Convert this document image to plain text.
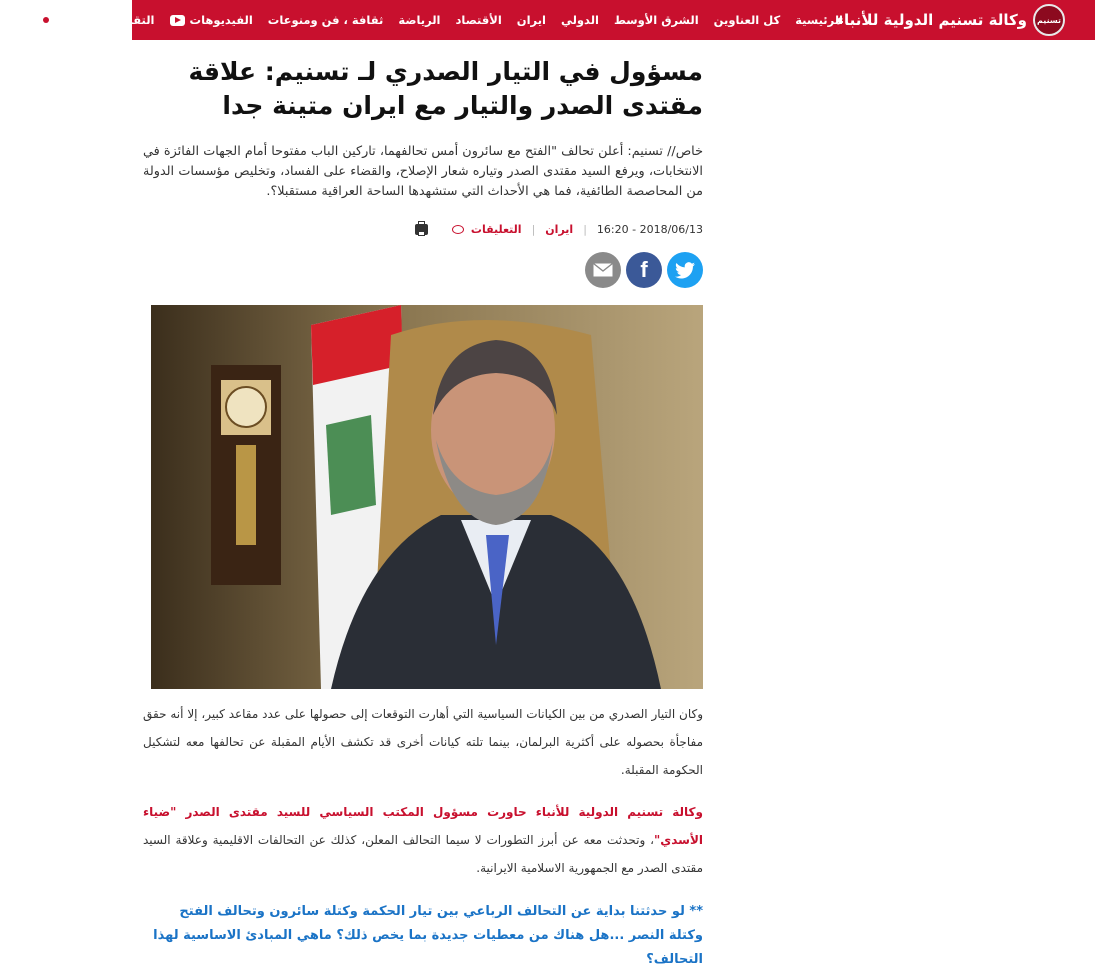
تسنيم
وكالة تسنيم الدولية للأنباء
الرئيسية
كل العناوين
الشرق الأوسط
الدولي
ايران
الأقتصاد
الرياضة
ثقافة ، فن ومنوعات
الفيديوهات
التقارير المصورة
الفر
مسؤول في التيار الصدري لـ تسنيم: علاقة مقتدى الصدر والتيار مع ايران متينة جدا

خاص// تسنيم: أعلن تحالف "الفتح مع سائرون أمس تحالفهما، تاركين الباب مفتوحا أمام الجهات الفائزة في الانتخابات، ويرفع السيد مقتدى الصدر وتياره شعار الإصلاح، والقضاء على الفساد، وتخليص مؤسسات الدولة من المحاصصة الطائفية، فما هي الأحداث التي ستشهدها الساحة العراقية مستقبلا؟.

2018/06/13 - 16:20
|
ايران
|
التعليقات
f

وكان التيار الصدري من بين الكيانات السياسية التي أهارت التوقعات إلى حصولها على عدد مقاعد كبير، إلا أنه حقق مفاجأة بحصوله على أكثرية البرلمان، بينما تلته كيانات أخرى قد تكشف الأيام المقبلة عن تحالفها معه لتشكيل الحكومة المقبلة.

وكالة تسنيم الدولية للأنباء حاورت مسؤول المكتب السياسي للسيد مقتدى الصدر "ضياء الأسدي"، وتحدثت معه عن أبرز التطورات لا سيما التحالف المعلن، كذلك عن التحالفات الاقليمية وعلاقة السيد مقتدى الصدر مع الجمهورية الاسلامية الايرانية.

** لو حدثتنا بداية عن التحالف الرباعي بين تيار الحكمة وكتلة سائرون وتحالف الفتح وكتلة النصر ...هل هناك من معطيات جديدة بما يخص ذلك؟ ماهي المبادئ الاساسية لهذا التحالف؟
